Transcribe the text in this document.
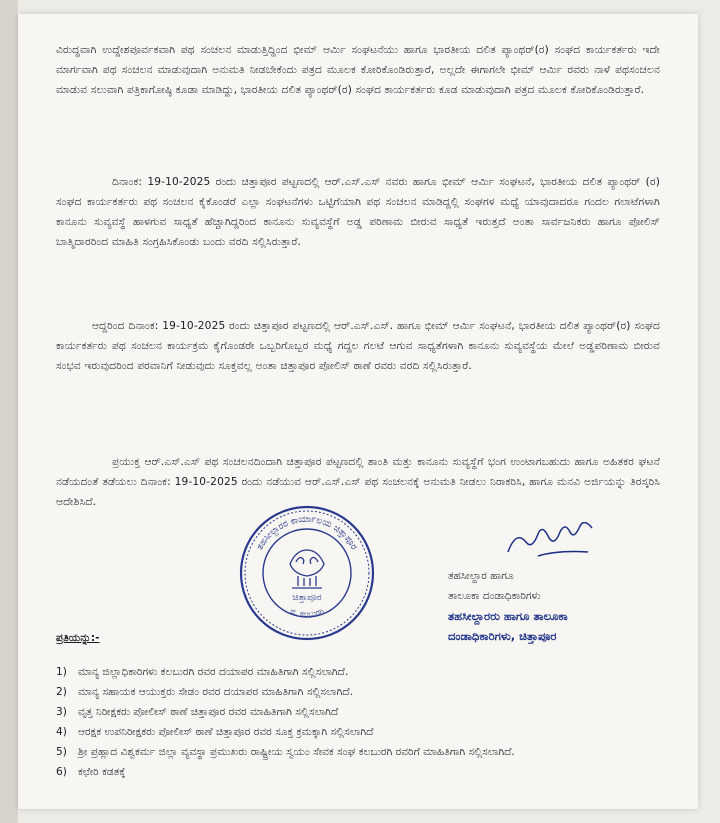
ವಿರುದ್ಧವಾಗಿ ಉದ್ದೇಶಪೂರ್ವಕವಾಗಿ ಪಥ ಸಂಚಲನ ಮಾಡುತ್ತಿದ್ದಿಂದ ಭೀಮ್ ಆರ್ಮಿ ಸಂಘಟನೆಯು ಹಾಗೂ ಭಾರತೀಯ ದಲಿತ ಪ್ಯಾಂಥರ್(ರ) ಸಂಘದ ಕಾರ್ಯಕರ್ತರು ಇದೇ ಮಾರ್ಗವಾಗಿ ಪಥ ಸಂಚಲನ ಮಾಡುವುದಾಗಿ ಅನುಮತಿ ನೀಡಬೇಕೆಂದು ಪತ್ರದ ಮೂಲಕ ಕೋರಿಕೊಂಡಿರುತ್ತಾರೆ, ಅಲ್ಲದೇ ಈಗಾಗಲೇ ಭೀಮ್ ಆರ್ಮಿ ರವರು ನಾಳೆ ಪಥಸಂಚಲನ ಮಾಡುವ ಸಲುವಾಗಿ ಪತ್ರಿಕಾಗೋಷ್ಠಿ ಕೂಡಾ ಮಾಡಿದ್ದು, ಭಾರತೀಯ ದಲಿತ ಪ್ಯಾಂಥರ್(ರ) ಸಂಘದ ಕಾರ್ಯಕರ್ತರು ಕೂಡ ಮಾಡುವುದಾಗಿ ಪತ್ರದ ಮೂಲಕ ಕೋರಿಕೊಂಡಿರುತ್ತಾರೆ.

ದಿನಾಂಕ: 19-10-2025 ರಂದು ಚಿತ್ತಾಪೂರ ಪಟ್ಟಣದಲ್ಲಿ ಆರ್.ಎಸ್.ಎಸ್ ನವರು ಹಾಗೂ ಭೀಮ್ ಆರ್ಮಿ ಸಂಘಟನೆ, ಭಾರತೀಯ ದಲಿತ ಪ್ಯಾಂಥರ್ (ರ) ಸಂಘದ ಕಾರ್ಯಕರ್ತರು ಪಥ ಸಂಚಲನ ಕೈಕೊಂಡರೆ ಎಲ್ಲಾ ಸಂಘಟನೆಗಳು ಒಟ್ಟಿಗೆಯಾಗಿ ಪಥ ಸಂಚಲನ ಮಾಡಿದ್ದಲ್ಲಿ ಸಂಘಗಳ ಮಧ್ಯೆ ಯಾವುದಾದರೂ ಗಂದಲ ಗಲಾಟೆಗಳಾಗಿ ಕಾನೂನು ಸುವ್ಯವಸ್ಥೆ ಹಾಳಗುವ ಸಾಧ್ಯತೆ ಹೆಚ್ಚಾಗಿದ್ದರಿಂದ ಕಾನೂನು ಸುವ್ಯವಸ್ಥೆಗೆ ಅಡ್ಡ ಪರಿಣಾಮ ಬೀರುವ ಸಾಧ್ಯತೆ ಇರುತ್ತದೆ ಅಂತಾ ಸಾರ್ವಜನಿಕರು ಹಾಗೂ ಪೋಲಿಸ್ ಬಾತ್ಮಿದಾರರಿಂದ ಮಾಹಿತಿ ಸಂಗ್ರಹಿಸಿಕೊಂಡು ಬಂದು ವರದಿ ಸಲ್ಲಿಸಿರುತ್ತಾರೆ.

ಆದ್ದರಿಂದ ದಿನಾಂಕ: 19-10-2025 ರಂದು ಚಿತ್ತಾಪೂರ ಪಟ್ಟಣದಲ್ಲಿ ಆರ್.ಎಸ್.ಎಸ್. ಹಾಗೂ ಭೀಮ್ ಆರ್ಮಿ ಸಂಘಟನೆ, ಭಾರತೀಯ ದಲಿತ ಪ್ಯಾಂಥರ್(ರ) ಸಂಘದ ಕಾರ್ಯಕರ್ತರು ಪಥ ಸಂಚಲನ ಕಾರ್ಯಕ್ರಮ ಕೈಗೊಂಡರೇ ಒಬ್ಬರಿಗೊಬ್ಬರ ಮಧ್ಯೆ ಗದ್ದಲ ಗಲಟೆ ಆಗುವ ಸಾಧ್ಯತೆಗಳಾಗಿ ಕಾನೂನು ಸುವ್ಯವಸ್ಥೆಯ ಮೇಲೆ ಅಡ್ಡಪರಿಣಾಮ ಬೀರುವ ಸಂಭವ ಇರುವುದರಿಂದ ಪರವಾನಿಗೆ ನೀಡುವುದು ಸೂಕ್ತವಲ್ಲ ಅಂತಾ ಚಿತ್ತಾಪೂರ ಪೋಲಿಸ್ ಠಾಣೆ ರವರು ವರದಿ ಸಲ್ಲಿಸಿರುತ್ತಾರೆ.

ಪ್ರಯುಕ್ತ ಆರ್.ಎಸ್.ಎಸ್ ಪಥ ಸಂಚಲನದಿಂದಾಗಿ ಚಿತ್ತಾಪೂರ ಪಟ್ಟಣದಲ್ಲಿ ಶಾಂತಿ ಮತ್ತು ಕಾನೂನು ಸುವ್ಯಸ್ಥೆಗೆ ಭಂಗ ಉಂಟಾಗಬಹುದು ಹಾಗೂ ಅಹಿತಕರ ಘಟನೆ ನಡೆಯದಂತೆ ತಡೆಯಲು ದಿನಾಂಕ: 19-10-2025 ರಂದು ನಡೆಯುವ ಆರ್.ಎಸ್.ಎಸ್ ಪಥ ಸಂಚಲನಕ್ಕೆ ಅನುಮತಿ ನೀಡಲು ನಿರಾಕರಿಸಿ, ಹಾಗೂ ಮನವಿ ಅರ್ಜಿಯನ್ನು ತಿರಸ್ಕರಿಸಿ ಆದೇಶಿಸಿದೆ.

ತಹಸೀಲ್ದಾರರ ಕಾರ್ಯಾಲಯ ಚಿತ್ತಾಪೂರ
ಜಿ. ಕಲಬುರಗಿ
ಚಿತ್ತಾಪೂರ
ತಹಸೀಲ್ದಾರ ಹಾಗೂ
ತಾಲೂಕಾ ದಂಡಾಧಿಕಾರಿಗಳು
ತಹಸೀಲ್ದಾರರು ಹಾಗೂ ತಾಲೂಕಾ
ದಂಡಾಧಿಕಾರಿಗಳು, ಚಿತ್ತಾಪೂರ
ಪ್ರತಿಯನ್ನು:-
1)	ಮಾನ್ಯ ಜಿಲ್ಲಾಧಿಕಾರಿಗಳು ಕಲಬುರಗಿ ರವರ ದಯಾಪರ ಮಾಹಿತಿಗಾಗಿ ಸಲ್ಲಿಸಲಾಗಿದೆ.
2)	ಮಾನ್ಯ ಸಹಾಯಕ ಆಯುಕ್ತರು ಸೇಡಂ ರವರ ದಯಾಪರ ಮಾಹಿತಿಗಾಗಿ ಸಲ್ಲಿಸಲಾಗಿದೆ.
3)	ವೃತ್ತ ನಿರೀಕ್ಷಕರು ಪೋಲೀಸ್ ಠಾಣೆ ಚಿತ್ತಾಪೂರ ರವರ ಮಾಹಿತಿಗಾಗಿ ಸಲ್ಲಿಸಲಾಗಿದೆ
4)	ಆರಕ್ಷಕ ಉಪನಿರೀಕ್ಷಕರು ಪೋಲೀಸ್ ಠಾಣೆ ಚಿತ್ತಾಪೂರ ರವರ ಸೂಕ್ತ ಕ್ರಮಕ್ಕಾಗಿ ಸಲ್ಲಿಸಲಾಗಿದೆ
5)	ಶ್ರೀ ಪ್ರಹ್ಲಾದ ವಿಶ್ವಕರ್ಮ ಜಿಲ್ಲಾ ವ್ಯವಸ್ಥಾ ಪ್ರಮುಖರು ರಾಷ್ಟ್ರೀಯ ಸ್ವಯಂ ಸೇವಕ ಸಂಘ ಕಲಬುರಗಿ ರವರಿಗೆ ಮಾಹಿತಿಗಾಗಿ ಸಲ್ಲಿಸಲಾಗಿದೆ.
6)	ಕಛೇರಿ ಕಡತಕ್ಕೆ
